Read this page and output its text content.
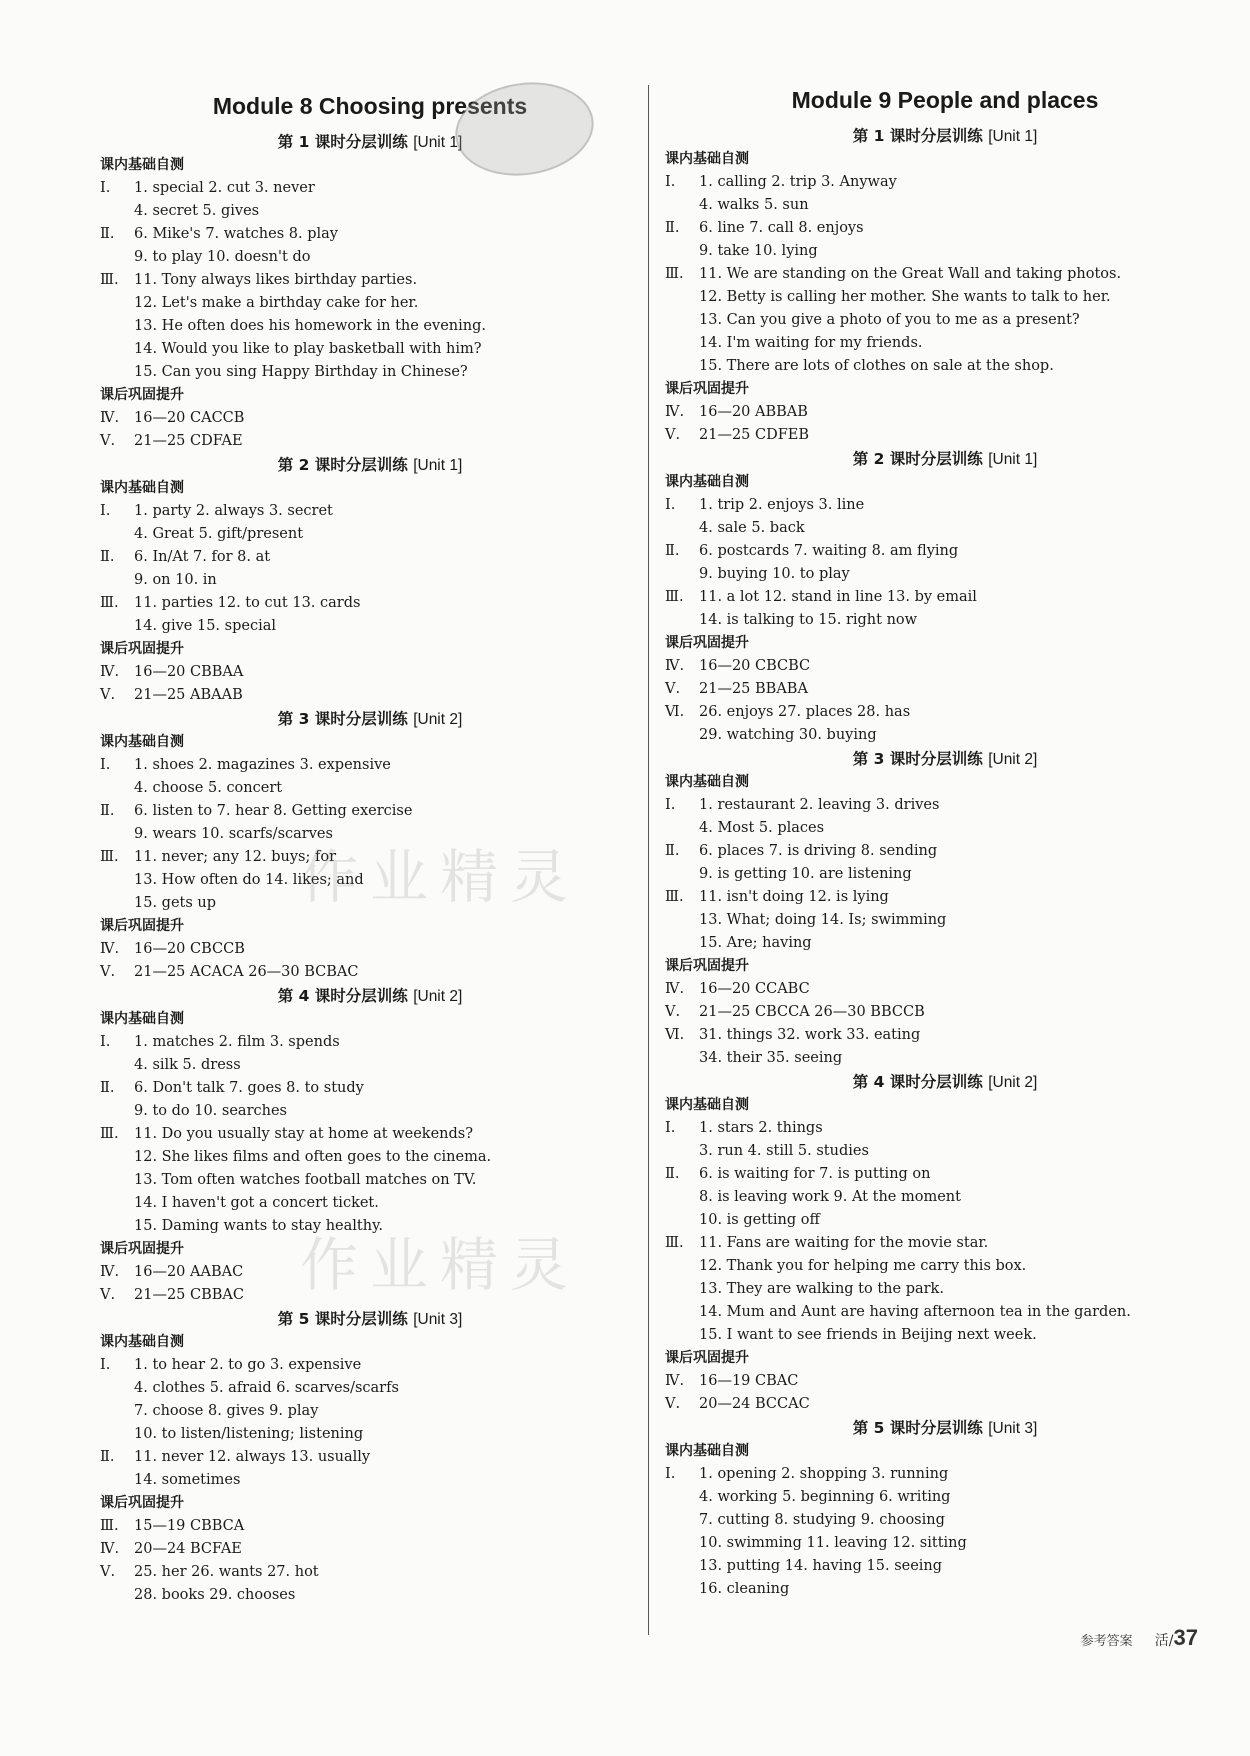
Module 8 Choosing presents
第 1 课时分层训练 [Unit 1]
课内基础自测
Ⅰ. 1. special 2. cut 3. never
4. secret 5. gives
Ⅱ. 6. Mike's 7. watches 8. play
9. to play 10. doesn't do
Ⅲ. 11. Tony always likes birthday parties.
12. Let's make a birthday cake for her.
13. He often does his homework in the evening.
14. Would you like to play basketball with him?
15. Can you sing Happy Birthday in Chinese?
课后巩固提升
Ⅳ. 16—20 CACCB
Ⅴ. 21—25 CDFAE
第 2 课时分层训练 [Unit 1]
课内基础自测
Ⅰ. 1. party 2. always 3. secret
4. Great 5. gift/present
Ⅱ. 6. In/At 7. for 8. at
9. on 10. in
Ⅲ. 11. parties 12. to cut 13. cards
14. give 15. special
课后巩固提升
Ⅳ. 16—20 CBBAA
Ⅴ. 21—25 ABAAB
第 3 课时分层训练 [Unit 2]
课内基础自测
Ⅰ. 1. shoes 2. magazines 3. expensive
4. choose 5. concert
Ⅱ. 6. listen to 7. hear 8. Getting exercise
9. wears 10. scarfs/scarves
Ⅲ. 11. never; any 12. buys; for
13. How often do 14. likes; and
15. gets up
课后巩固提升
Ⅳ. 16—20 CBCCB
Ⅴ. 21—25 ACACA 26—30 BCBAC
第 4 课时分层训练 [Unit 2]
课内基础自测
Ⅰ. 1. matches 2. film 3. spends
4. silk 5. dress
Ⅱ. 6. Don't talk 7. goes 8. to study
9. to do 10. searches
Ⅲ. 11. Do you usually stay at home at weekends?
12. She likes films and often goes to the cinema.
13. Tom often watches football matches on TV.
14. I haven't got a concert ticket.
15. Daming wants to stay healthy.
课后巩固提升
Ⅳ. 16—20 AABAC
Ⅴ. 21—25 CBBAC
第 5 课时分层训练 [Unit 3]
课内基础自测
Ⅰ. 1. to hear 2. to go 3. expensive
4. clothes 5. afraid 6. scarves/scarfs
7. choose 8. gives 9. play
10. to listen/listening; listening
Ⅱ. 11. never 12. always 13. usually
14. sometimes
课后巩固提升
Ⅲ. 15—19 CBBCA
Ⅳ. 20—24 BCFAE
Ⅴ. 25. her 26. wants 27. hot
28. books 29. chooses
Module 9 People and places
第 1 课时分层训练 [Unit 1]
课内基础自测
Ⅰ. 1. calling 2. trip 3. Anyway
4. walks 5. sun
Ⅱ. 6. line 7. call 8. enjoys
9. take 10. lying
Ⅲ. 11. We are standing on the Great Wall and taking photos.
12. Betty is calling her mother. She wants to talk to her.
13. Can you give a photo of you to me as a present?
14. I'm waiting for my friends.
15. There are lots of clothes on sale at the shop.
课后巩固提升
Ⅳ. 16—20 ABBAB
Ⅴ. 21—25 CDFEB
第 2 课时分层训练 [Unit 1]
课内基础自测
Ⅰ. 1. trip 2. enjoys 3. line
4. sale 5. back
Ⅱ. 6. postcards 7. waiting 8. am flying
9. buying 10. to play
Ⅲ. 11. a lot 12. stand in line 13. by email
14. is talking to 15. right now
课后巩固提升
Ⅳ. 16—20 CBCBC
Ⅴ. 21—25 BBABA
Ⅵ. 26. enjoys 27. places 28. has
29. watching 30. buying
第 3 课时分层训练 [Unit 2]
课内基础自测
Ⅰ. 1. restaurant 2. leaving 3. drives
4. Most 5. places
Ⅱ. 6. places 7. is driving 8. sending
9. is getting 10. are listening
Ⅲ. 11. isn't doing 12. is lying
13. What; doing 14. Is; swimming
15. Are; having
课后巩固提升
Ⅳ. 16—20 CCABC
Ⅴ. 21—25 CBCCA 26—30 BBCCB
Ⅵ. 31. things 32. work 33. eating
34. their 35. seeing
第 4 课时分层训练 [Unit 2]
课内基础自测
Ⅰ. 1. stars 2. things
3. run 4. still 5. studies
Ⅱ. 6. is waiting for 7. is putting on
8. is leaving work 9. At the moment
10. is getting off
Ⅲ. 11. Fans are waiting for the movie star.
12. Thank you for helping me carry this box.
13. They are walking to the park.
14. Mum and Aunt are having afternoon tea in the garden.
15. I want to see friends in Beijing next week.
课后巩固提升
Ⅳ. 16—19 CBAC
Ⅴ. 20—24 BCCAC
第 5 课时分层训练 [Unit 3]
课内基础自测
Ⅰ. 1. opening 2. shopping 3. running
4. working 5. beginning 6. writing
7. cutting 8. studying 9. choosing
10. swimming 11. leaving 12. sitting
13. putting 14. having 15. seeing
16. cleaning
作业精灵
作业精灵
参考答案 活/37
